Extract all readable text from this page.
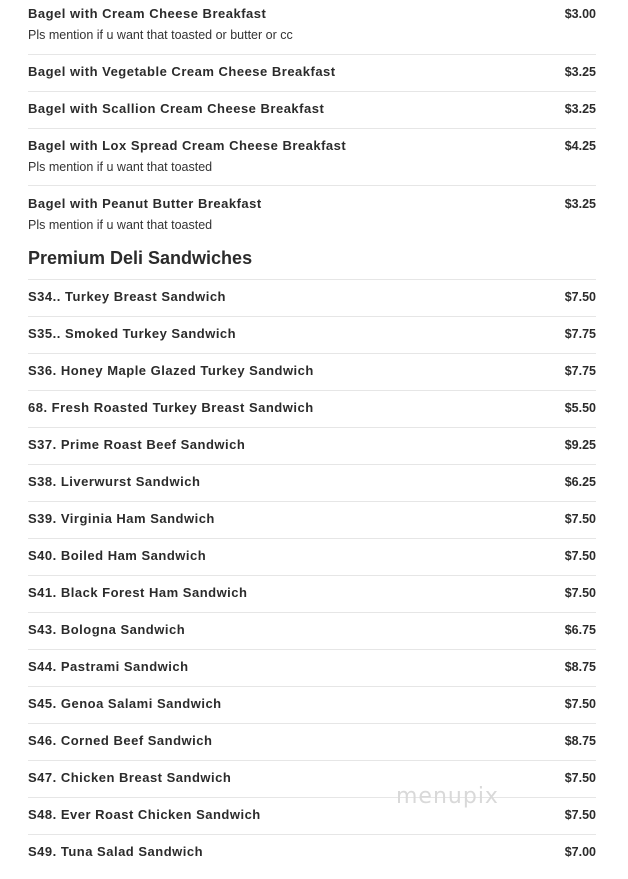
Bagel with Cream Cheese Breakfast	$3.00
Pls mention if u want that toasted or butter or cc
Bagel with Vegetable Cream Cheese Breakfast	$3.25
Bagel with Scallion Cream Cheese Breakfast	$3.25
Bagel with Lox Spread Cream Cheese Breakfast	$4.25
Pls mention if u want that toasted
Bagel with Peanut Butter Breakfast	$3.25
Pls mention if u want that toasted
Premium Deli Sandwiches
S34.. Turkey Breast Sandwich	$7.50
S35.. Smoked Turkey Sandwich	$7.75
S36. Honey Maple Glazed Turkey Sandwich	$7.75
68. Fresh Roasted Turkey Breast Sandwich	$5.50
S37. Prime Roast Beef Sandwich	$9.25
S38. Liverwurst Sandwich	$6.25
S39. Virginia Ham Sandwich	$7.50
S40. Boiled Ham Sandwich	$7.50
S41. Black Forest Ham Sandwich	$7.50
S43. Bologna Sandwich	$6.75
S44. Pastrami Sandwich	$8.75
S45. Genoa Salami Sandwich	$7.50
S46. Corned Beef Sandwich	$8.75
S47. Chicken Breast Sandwich	$7.50
S48. Ever Roast Chicken Sandwich	$7.50
S49. Tuna Salad Sandwich	$7.00
menupix
